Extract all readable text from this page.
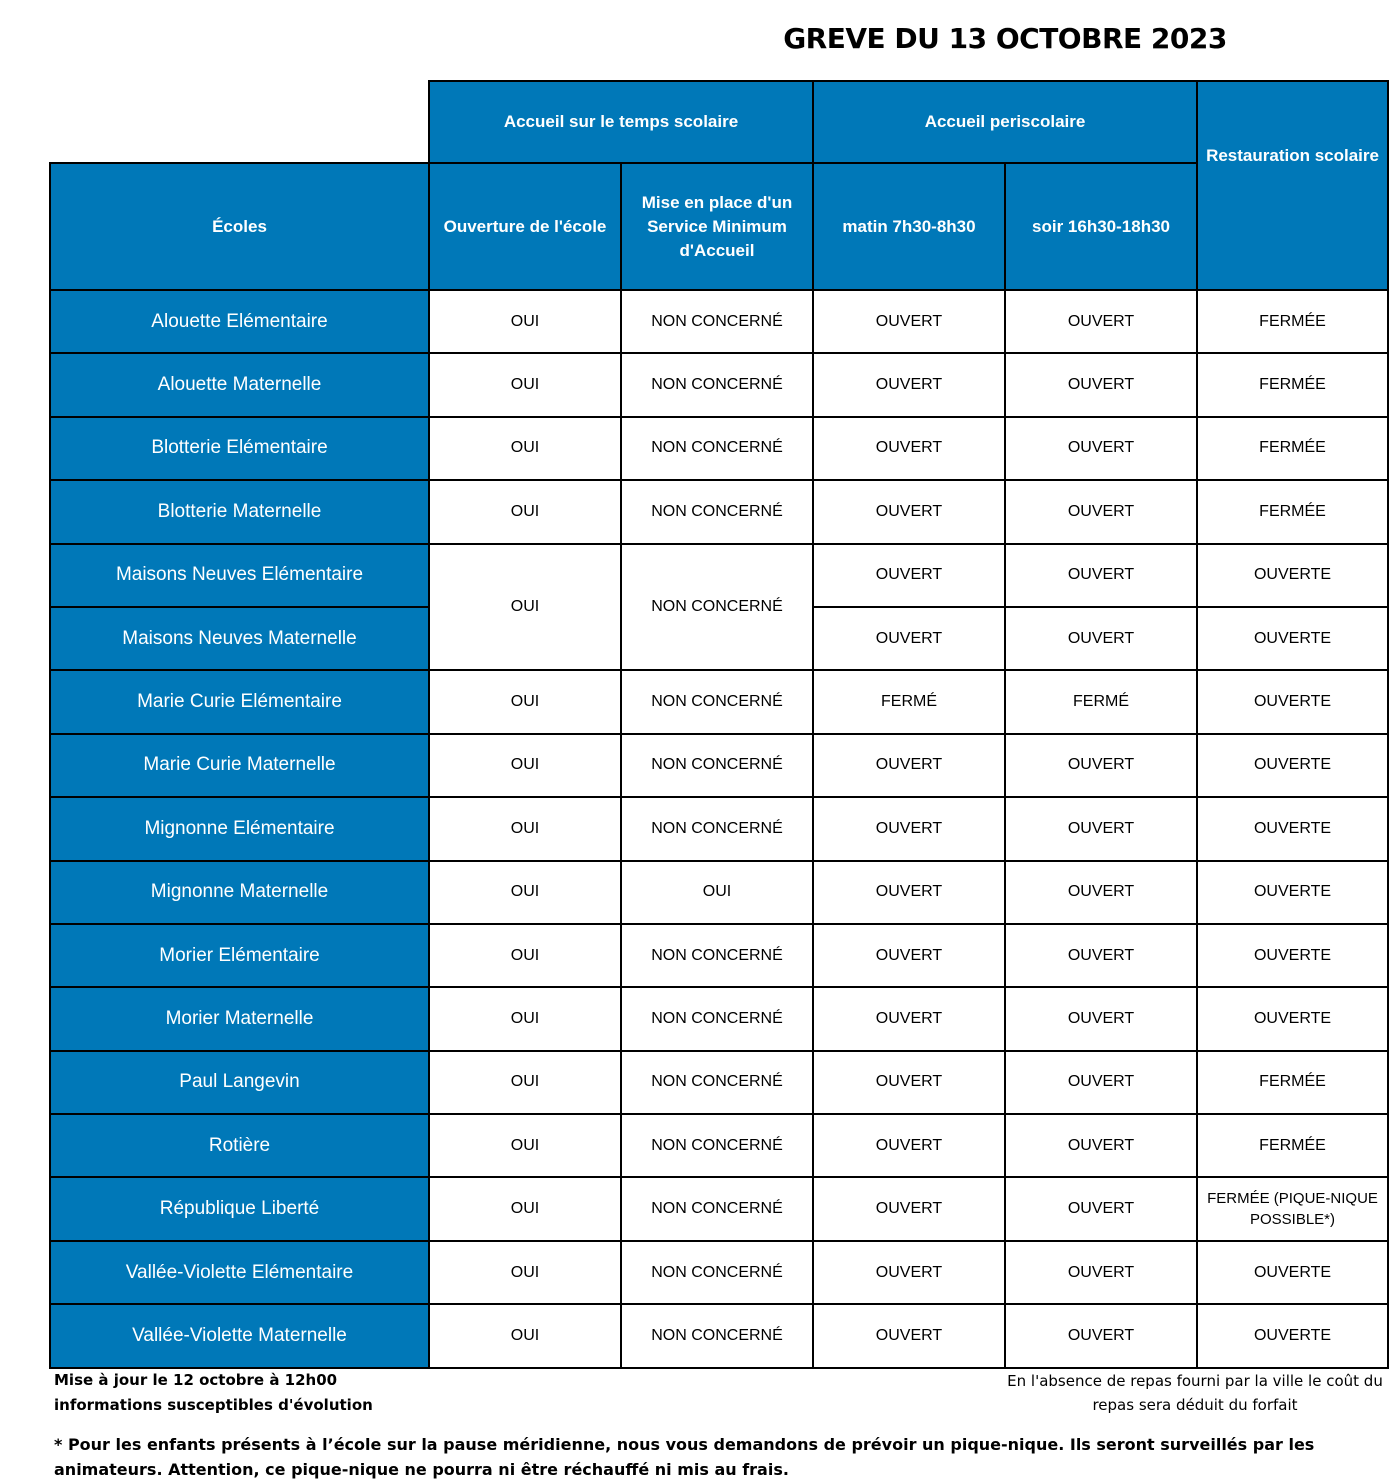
GREVE DU 13 OCTOBRE 2023
	Accueil sur le temps scolaire		Accueil periscolaire		Restauration scolaire
Écoles	Ouverture de l'école	Mise en place d'un Service Minimum d'Accueil	matin 7h30-8h30	soir 16h30-18h30	
Alouette Elémentaire	OUI	NON CONCERNÉ	OUVERT	OUVERT	FERMÉE
Alouette Maternelle	OUI	NON CONCERNÉ	OUVERT	OUVERT	FERMÉE
Blotterie Elémentaire	OUI	NON CONCERNÉ	OUVERT	OUVERT	FERMÉE
Blotterie Maternelle	OUI	NON CONCERNÉ	OUVERT	OUVERT	FERMÉE
Maisons Neuves Elémentaire	OUI	NON CONCERNÉ	OUVERT	OUVERT	OUVERTE
Maisons Neuves Maternelle			OUVERT	OUVERT	OUVERTE
Marie Curie Elémentaire	OUI	NON CONCERNÉ	FERMÉ	FERMÉ	OUVERTE
Marie Curie Maternelle	OUI	NON CONCERNÉ	OUVERT	OUVERT	OUVERTE
Mignonne Elémentaire	OUI	NON CONCERNÉ	OUVERT	OUVERT	OUVERTE
Mignonne Maternelle	OUI	OUI	OUVERT	OUVERT	OUVERTE
Morier Elémentaire	OUI	NON CONCERNÉ	OUVERT	OUVERT	OUVERTE
Morier Maternelle	OUI	NON CONCERNÉ	OUVERT	OUVERT	OUVERTE
Paul Langevin	OUI	NON CONCERNÉ	OUVERT	OUVERT	FERMÉE
Rotière	OUI	NON CONCERNÉ	OUVERT	OUVERT	FERMÉE
République Liberté	OUI	NON CONCERNÉ	OUVERT	OUVERT	FERMÉE (PIQUE-NIQUE POSSIBLE*)
Vallée-Violette Elémentaire	OUI	NON CONCERNÉ	OUVERT	OUVERT	OUVERTE
Vallée-Violette Maternelle	OUI	NON CONCERNÉ	OUVERT	OUVERT	OUVERTE
Mise à jour le 12 octobre à 12h00
informations susceptibles d'évolution
En l'absence de repas fourni par la ville le coût du
repas sera déduit du forfait
* Pour les enfants présents à l’école sur la pause méridienne, nous vous demandons de prévoir un pique-nique. Ils seront surveillés par les animateurs. Attention, ce pique-nique ne pourra ni être réchauffé ni mis au frais.
